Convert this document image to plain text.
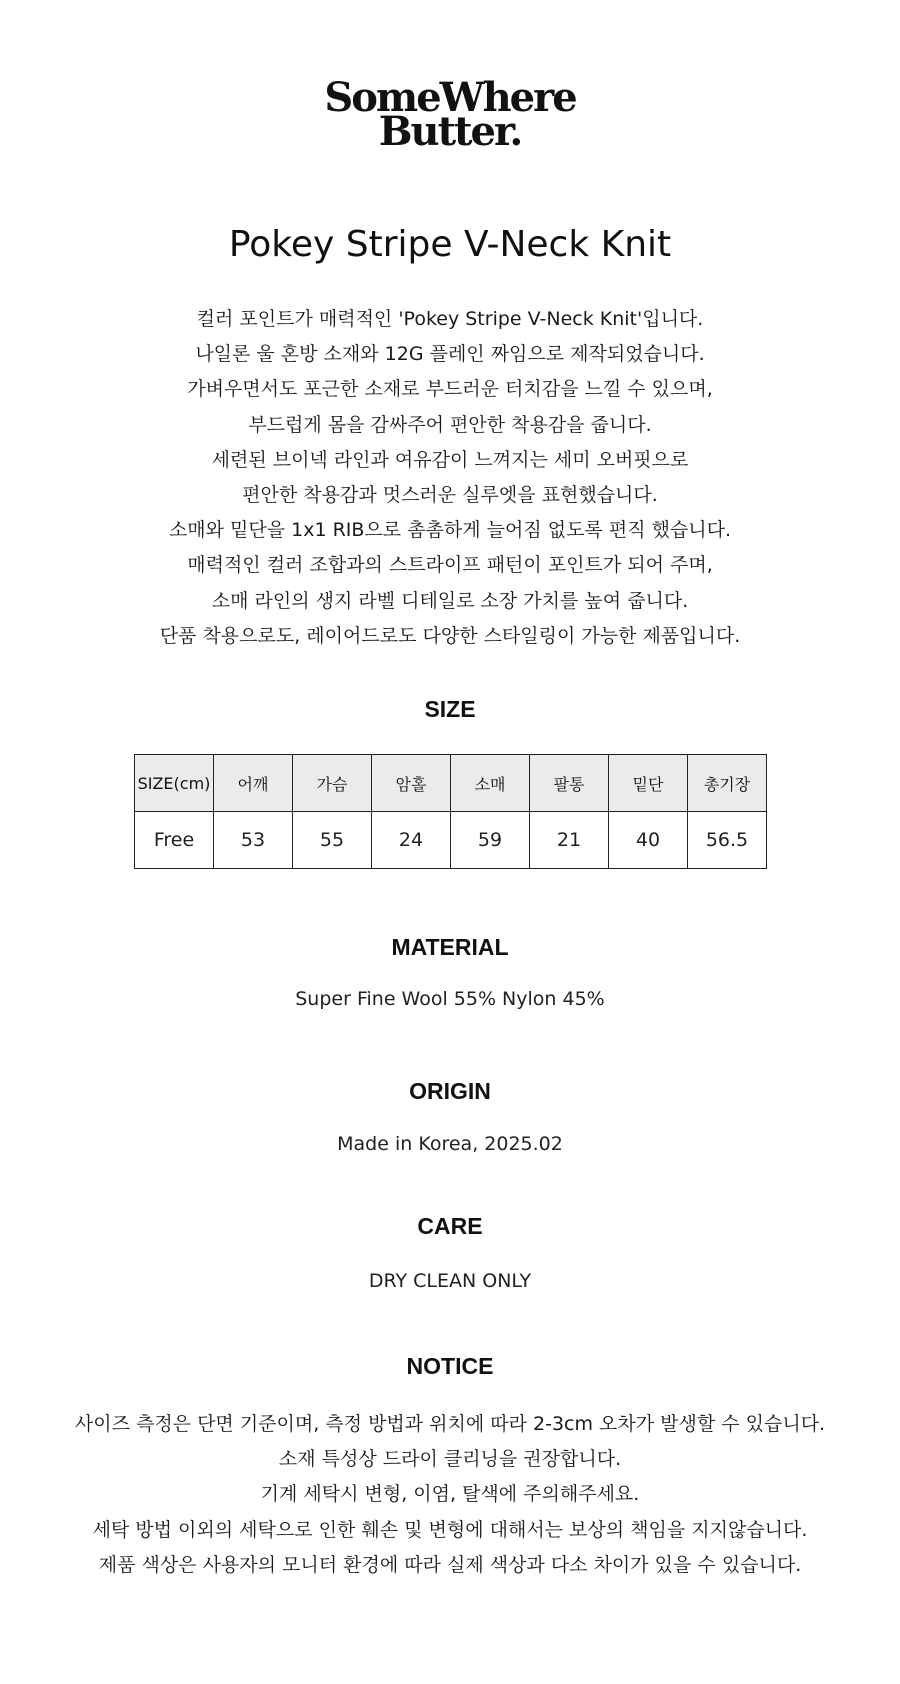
SomeWhere
Butter.
Pokey Stripe V-Neck Knit
컬러 포인트가 매력적인 'Pokey Stripe V-Neck Knit'입니다.
나일론 울 혼방 소재와 12G 플레인 짜임으로 제작되었습니다.
가벼우면서도 포근한 소재로 부드러운 터치감을 느낄 수 있으며,
부드럽게 몸을 감싸주어 편안한 착용감을 줍니다.
세련된 브이넥 라인과 여유감이 느껴지는 세미 오버핏으로
편안한 착용감과 멋스러운 실루엣을 표현했습니다.
소매와 밑단을 1x1 RIB으로 촘촘하게 늘어짐 없도록 편직 했습니다.
매력적인 컬러 조합과의 스트라이프 패턴이 포인트가 되어 주며,
소매 라인의 생지 라벨 디테일로 소장 가치를 높여 줍니다.
단품 착용으로도, 레이어드로도 다양한 스타일링이 가능한 제품입니다.
SIZE
SIZE(cm)	어깨	가슴	암홀	소매	팔통	밑단	총기장
Free	53	55	24	59	21	40	56.5
MATERIAL
Super Fine Wool 55% Nylon 45%
ORIGIN
Made in Korea, 2025.02
CARE
DRY CLEAN ONLY
NOTICE
사이즈 측정은 단면 기준이며, 측정 방법과 위치에 따라 2-3cm 오차가 발생할 수 있습니다.
소재 특성상 드라이 클리닝을 권장합니다.
기계 세탁시 변형, 이염, 탈색에 주의해주세요.
세탁 방법 이외의 세탁으로 인한 훼손 및 변형에 대해서는 보상의 책임을 지지않습니다.
제품 색상은 사용자의 모니터 환경에 따라 실제 색상과 다소 차이가 있을 수 있습니다.
